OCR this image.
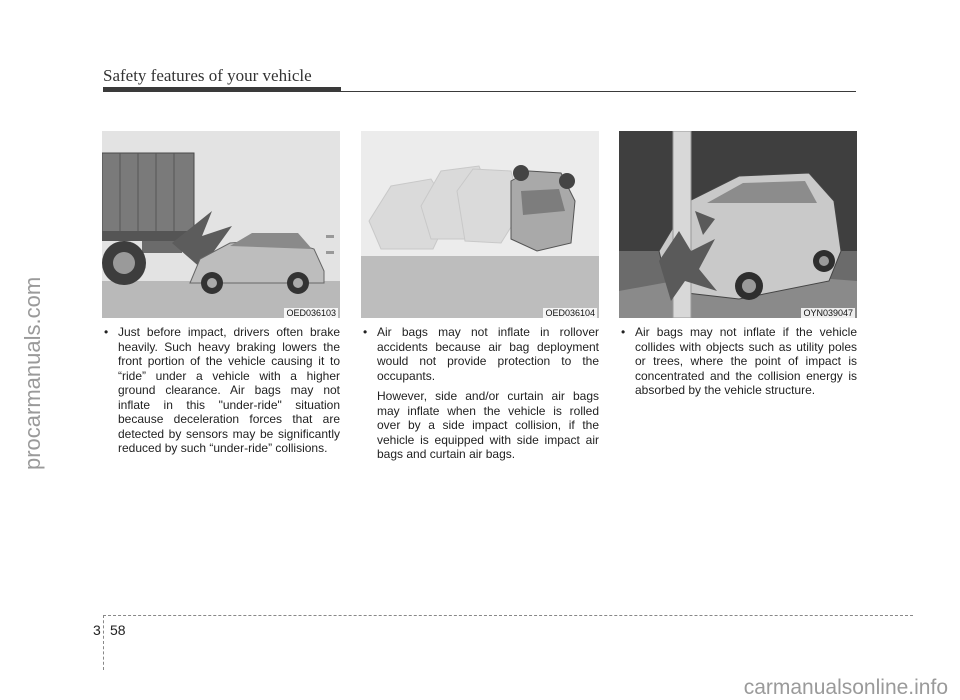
Safety features of your vehicle
procarmanuals.com	OED036103

• Just before impact, drivers often brake heavily. Such heavy braking lowers the front portion of the vehicle causing it to “ride” under a vehicle with a higher ground clearance. Air bags may not inflate in this "under-ride" situation because deceleration forces that are detected by sensors may be significantly reduced by such “under-ride” collisions.

OED036104

• Air bags may not inflate in rollover accidents because air bag deployment would not provide protection to the occupants.

However, side and/or curtain air bags may inflate when the vehicle is rolled over by a side impact collision, if the vehicle is equipped with side impact air bags and curtain air bags.

OYN039047

• Air bags may not inflate if the vehicle collides with objects such as utility poles or trees, where the point of impact is concentrated and the collision energy is absorbed by the vehicle structure.

3 58
carmanualsonline.info
